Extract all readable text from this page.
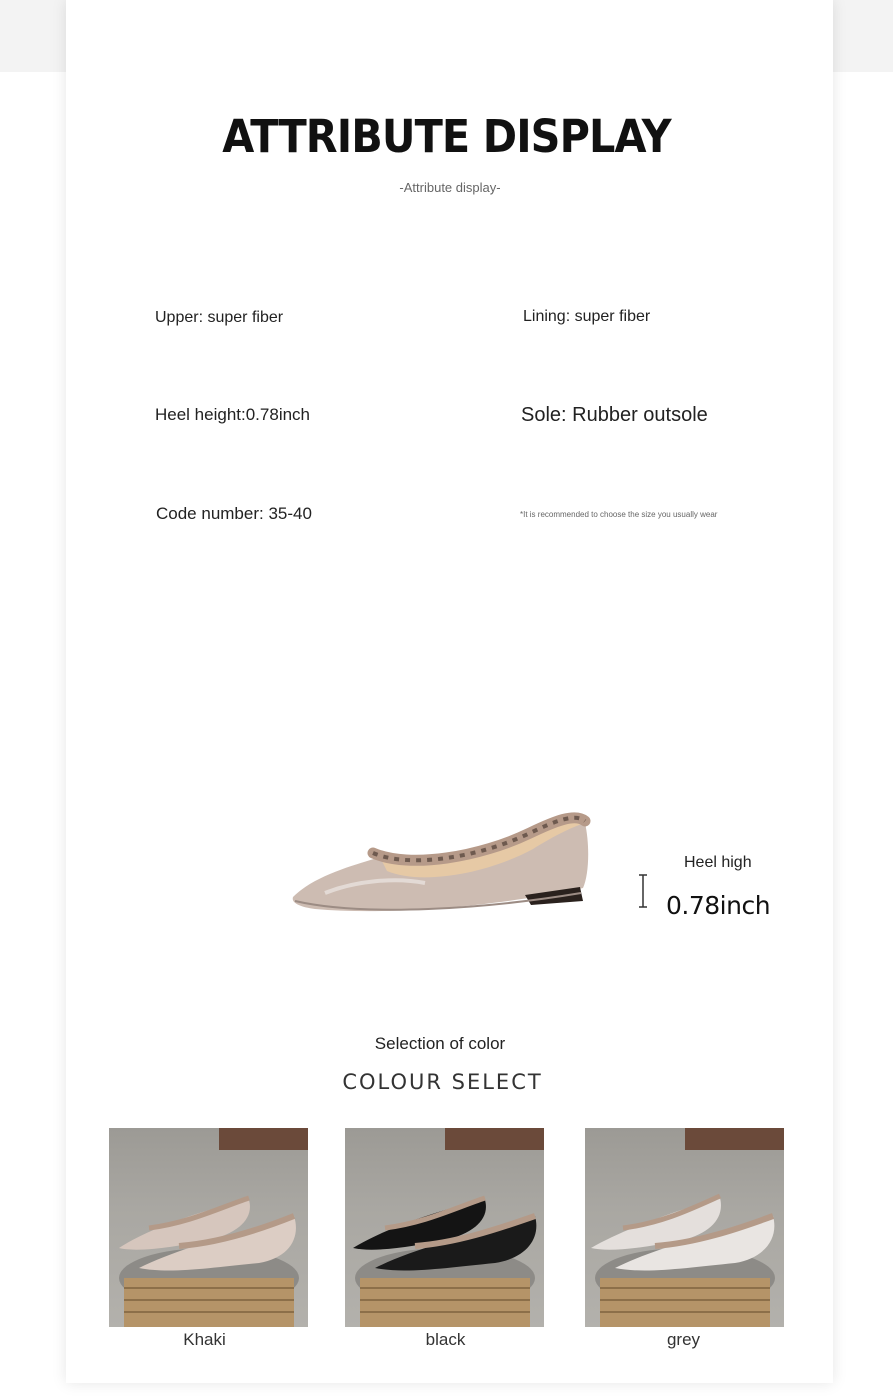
ATTRIBUTE DISPLAY
-Attribute display-
Upper: super fiber	Lining: super fiber
Heel height:0.78inch	Sole: Rubber outsole
Code number: 35-40	*It is recommended to choose the size you usually wear
Heel high
0.78inch
Selection of color
COLOUR SELECT
Khaki	black	grey
